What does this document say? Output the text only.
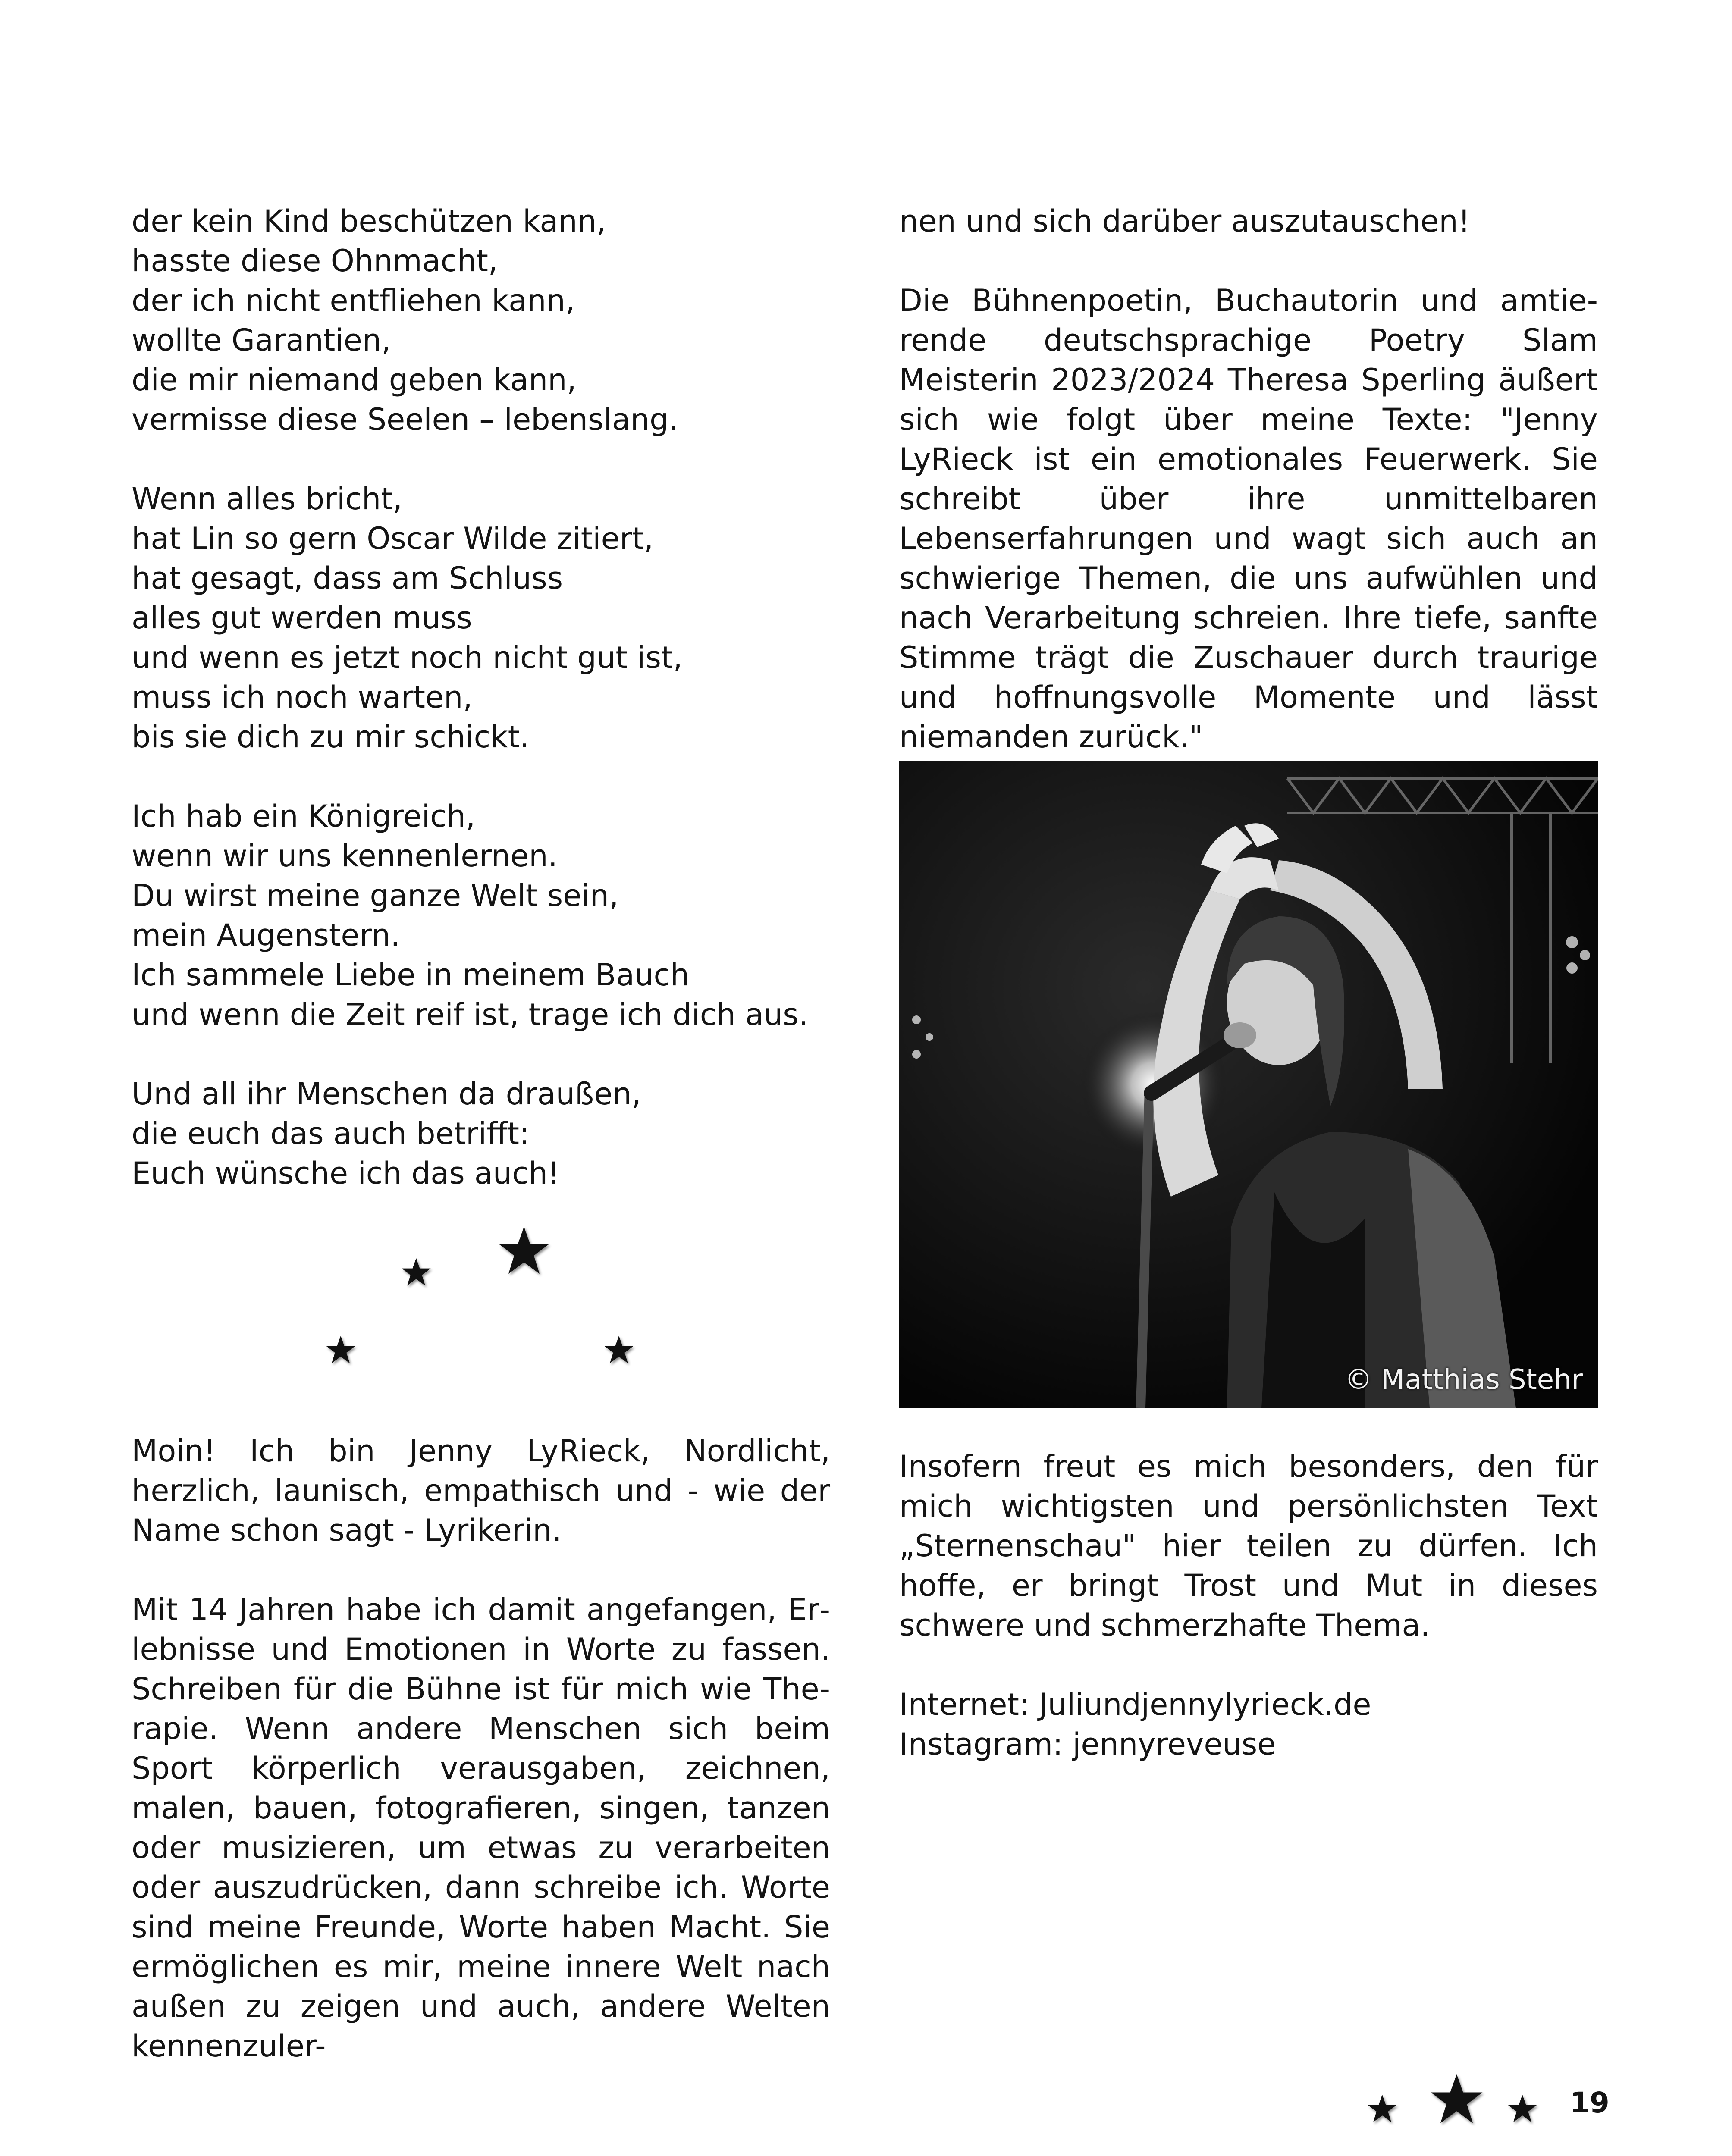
der kein Kind beschützen kann,
hasste diese Ohnmacht,
der ich nicht entfliehen kann,
wollte Garantien,
die mir niemand geben kann,
vermisse diese Seelen – lebenslang.
Wenn alles bricht,
hat Lin so gern Oscar Wilde zitiert,
hat gesagt, dass am Schluss
alles gut werden muss
und wenn es jetzt noch nicht gut ist,
muss ich noch warten,
bis sie dich zu mir schickt.
Ich hab ein Königreich,
wenn wir uns kennenlernen.
Du wirst meine ganze Welt sein,
mein Augenstern.
Ich sammele Liebe in meinem Bauch
und wenn die Zeit reif ist, trage ich dich aus.
Und all ihr Menschen da draußen,
die euch das auch betrifft:
Euch wünsche ich das auch!

Moin! Ich bin Jenny LyRieck, Nordlicht, herzlich, launisch, empathisch und - wie der Name schon sagt - Lyrikerin.

Mit 14 Jahren habe ich damit angefangen, Erlebnisse und Emotionen in Worte zu fassen. Schreiben für die Bühne ist für mich wie Therapie. Wenn andere Menschen sich beim Sport körperlich verausgaben, zeichnen, malen, bauen, fotografieren, singen, tanzen oder musizieren, um etwas zu verarbeiten oder auszudrücken, dann schreibe ich. Worte sind meine Freunde, Worte haben Macht. Sie ermöglichen es mir, meine innere Welt nach außen zu zeigen und auch, andere Welten kennenzuler-

nen und sich darüber auszutauschen!

Die Bühnenpoetin, Buchautorin und amtierende deutschsprachige Poetry Slam Meisterin 2023/2024 Theresa Sperling äußert sich wie folgt über meine Texte: "Jenny LyRieck ist ein emotionales Feuerwerk. Sie schreibt über ihre unmittelbaren Lebenserfahrungen und wagt sich auch an schwierige Themen, die uns aufwühlen und nach Verarbeitung schreien. Ihre tiefe, sanfte Stimme trägt die Zuschauer durch traurige und hoffnungsvolle Momente und lässt niemanden zurück."

© Matthias Stehr

Insofern freut es mich besonders, den für mich wichtigsten und persönlichsten Text „Sternenschau" hier teilen zu dürfen. Ich hoffe, er bringt Trost und Mut in dieses schwere und schmerzhafte Thema.

Internet: Juliundjennylyrieck.de
Instagram: jennyreveuse
19
